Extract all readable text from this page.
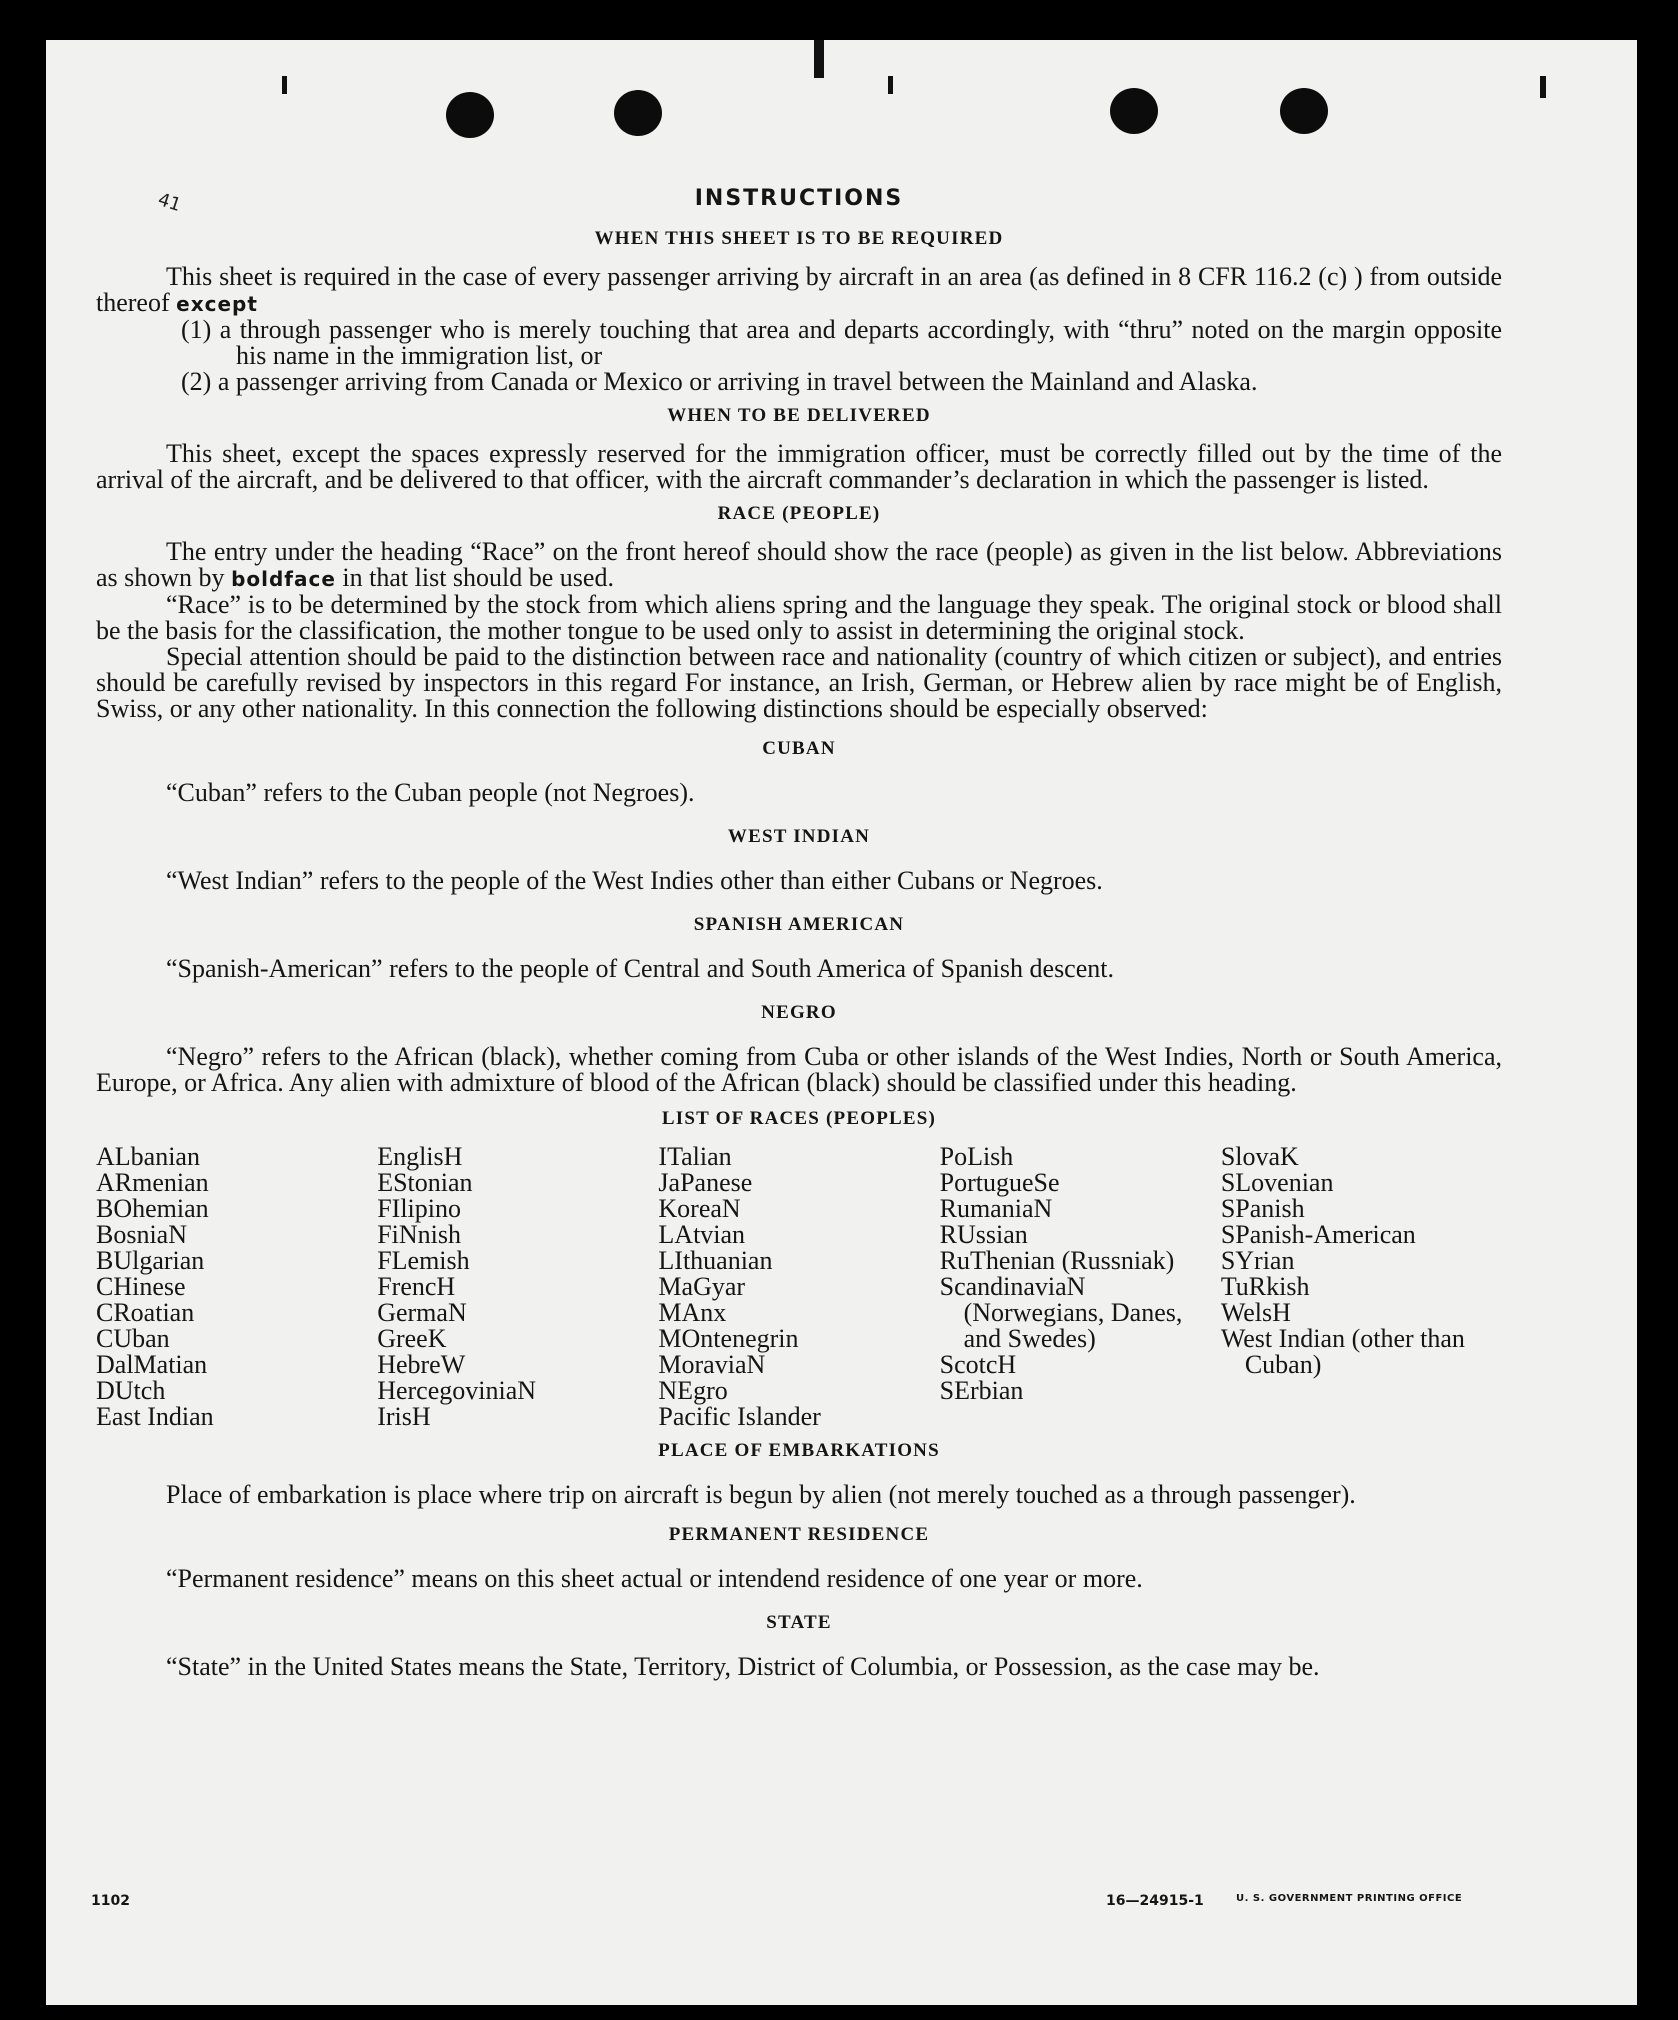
41	INSTRUCTIONS
WHEN THIS SHEET IS TO BE REQUIRED

This sheet is required in the case of every passenger arriving by aircraft in an area (as defined in 8 CFR 116.2 (c) ) from outside thereof except

(1) a through passenger who is merely touching that area and departs accordingly, with “thru” noted on the margin opposite his name in the immigration list, or

(2) a passenger arriving from Canada or Mexico or arriving in travel between the Mainland and Alaska.

WHEN TO BE DELIVERED

This sheet, except the spaces expressly reserved for the immigration officer, must be correctly filled out by the time of the arrival of the aircraft, and be delivered to that officer, with the aircraft commander’s declaration in which the passenger is listed.

RACE (PEOPLE)

The entry under the heading “Race” on the front hereof should show the race (people) as given in the list below. Abbreviations as shown by boldface in that list should be used.

“Race” is to be determined by the stock from which aliens spring and the language they speak. The original stock or blood shall be the basis for the classification, the mother tongue to be used only to assist in determining the original stock.

Special attention should be paid to the distinction between race and nationality (country of which citizen or subject), and entries should be carefully revised by inspectors in this regard For instance, an Irish, German, or Hebrew alien by race might be of English, Swiss, or any other nationality. In this connection the following distinctions should be especially observed:

CUBAN

“Cuban” refers to the Cuban people (not Negroes).

WEST INDIAN

“West Indian” refers to the people of the West Indies other than either Cubans or Negroes.

SPANISH AMERICAN

“Spanish-American” refers to the people of Central and South America of Spanish descent.

NEGRO

“Negro” refers to the African (black), whether coming from Cuba or other islands of the West Indies, North or South America, Europe, or Africa. Any alien with admixture of blood of the African (black) should be classified under this heading.

LIST OF RACES (PEOPLES)
ALbanian
ARmenian
BOhemian
BosniaN
BUlgarian
CHinese
CRoatian
CUban
DalMatian
DUtch
East Indian
EnglisH
EStonian
FIlipino
FiNnish
FLemish
FrencH
GermaN
GreeK
HebreW
HercegoviniaN
IrisH
ITalian
JaPanese
KoreaN
LAtvian
LIthuanian
MaGyar
MAnx
MOntenegrin
MoraviaN
NEgro
Pacific Islander
PoLish
PortugueSe
RumaniaN
RUssian
RuThenian (Russniak)
ScandinaviaN (Norwegians, Danes, and Swedes)
ScotcH
SErbian
SlovaK
SLovenian
SPanish
SPanish-American
SYrian
TuRkish
WelsH
West Indian (other than Cuban)
PLACE OF EMBARKATIONS

Place of embarkation is place where trip on aircraft is begun by alien (not merely touched as a through passenger).

PERMANENT RESIDENCE

“Permanent residence” means on this sheet actual or intendend residence of one year or more.

STATE

“State” in the United States means the State, Territory, District of Columbia, or Possession, as the case may be.

1102	16—24915-1	U. S. GOVERNMENT PRINTING OFFICE
